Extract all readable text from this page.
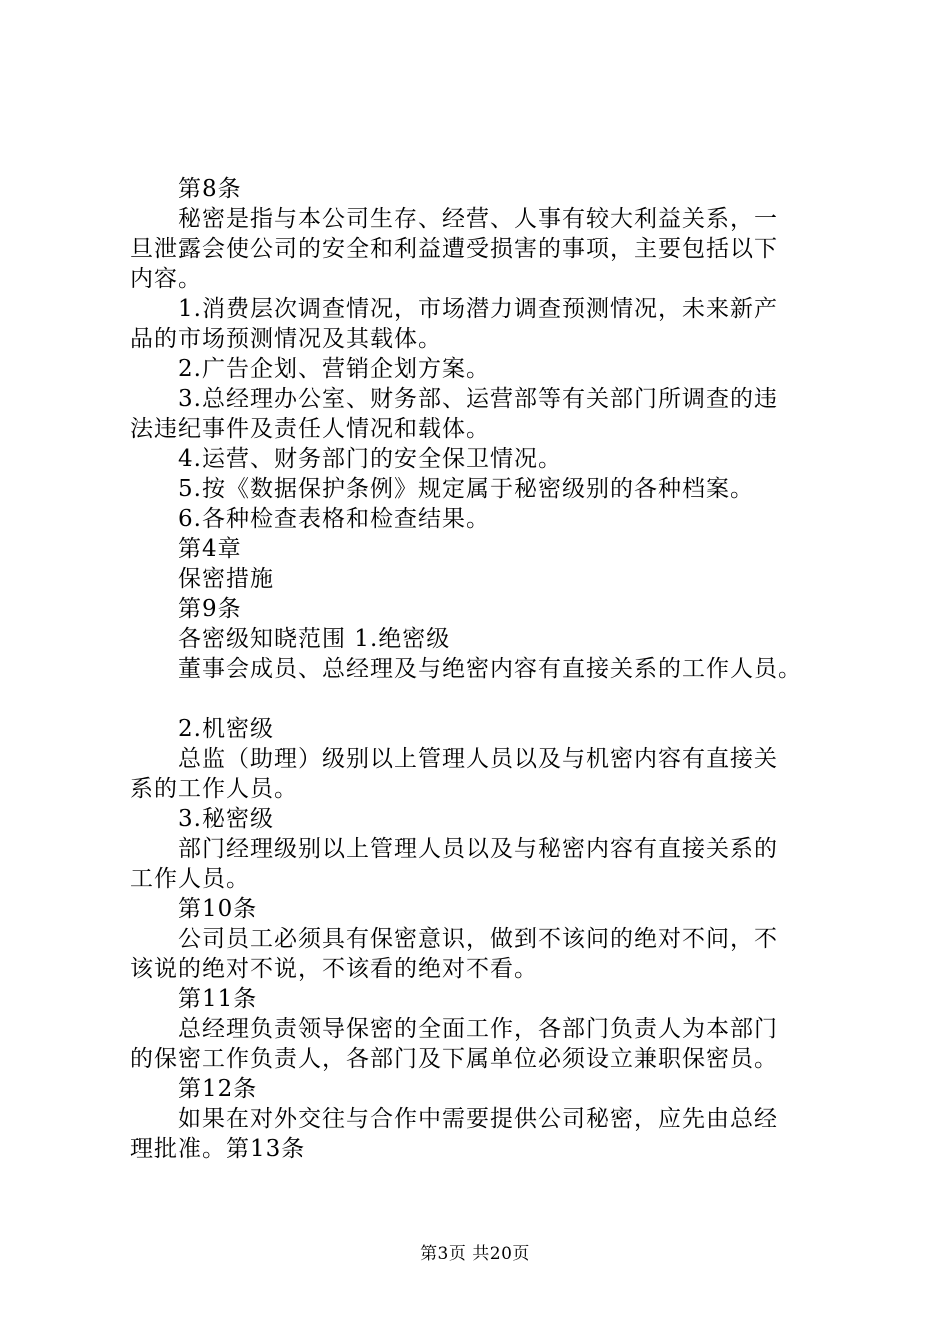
第8条
秘密是指与本公司生存、经营、人事有较大利益关系，一
旦泄露会使公司的安全和利益遭受损害的事项，主要包括以下
内容。
1.消费层次调查情况，市场潜力调查预测情况，未来新产
品的市场预测情况及其载体。
2.广告企划、营销企划方案。
3.总经理办公室、财务部、运营部等有关部门所调查的违
法违纪事件及责任人情况和载体。
4.运营、财务部门的安全保卫情况。
5.按《数据保护条例》规定属于秘密级别的各种档案。
6.各种检查表格和检查结果。
第4章
保密措施
第9条
各密级知晓范围 1.绝密级
董事会成员、总经理及与绝密内容有直接关系的工作人员。
2.机密级
总监（助理）级别以上管理人员以及与机密内容有直接关
系的工作人员。
3.秘密级
部门经理级别以上管理人员以及与秘密内容有直接关系的
工作人员。
第10条
公司员工必须具有保密意识，做到不该问的绝对不问，不
该说的绝对不说，不该看的绝对不看。
第11条
总经理负责领导保密的全面工作，各部门负责人为本部门
的保密工作负责人，各部门及下属单位必须设立兼职保密员。
第12条
如果在对外交往与合作中需要提供公司秘密，应先由总经
理批准。第13条
第3页 共20页
